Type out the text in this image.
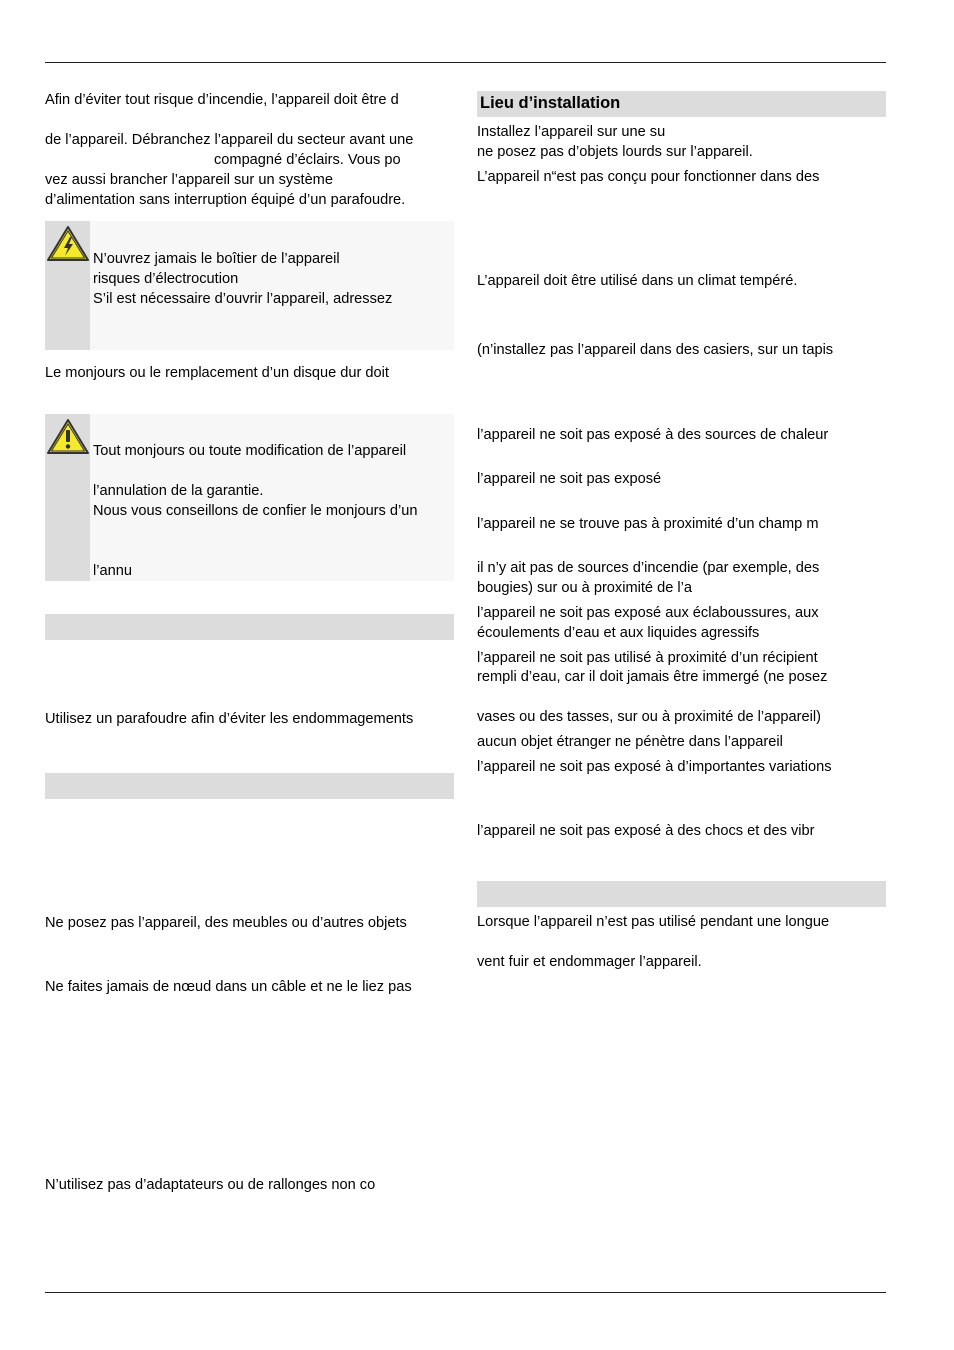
Afin d’éviter tout risque d’incendie, l’appareil doit être d
de l’appareil. Débranchez l’appareil du secteur avant une
compagné d’éclairs. Vous po
vez aussi brancher l’appareil sur un système
d’alimentation sans interruption équipé d’un parafoudre.
N’ouvrez jamais le boîtier de l’appareil
risques d’électrocution
S’il est nécessaire d’ouvrir l’appareil, adressez
Le monjours ou le remplacement d’un disque dur doit
Tout monjours ou toute modification de l’appareil
l’annulation de la garantie.
Nous vous conseillons de confier le monjours d’un
l’annu
Utilisez un parafoudre afin d’éviter les endommagements
Ne posez pas l’appareil, des meubles ou d’autres objets
Ne faites jamais de nœud dans un câble et ne le liez pas
N’utilisez pas d’adaptateurs ou de rallonges non co
Lieu d’installation
Installez l’appareil sur une su
ne posez pas d’objets lourds sur l’appareil.
L’appareil n“est pas conçu pour fonctionner dans des
L’appareil doit être utilisé dans un climat tempéré.
(n’installez pas l’appareil dans des casiers, sur un tapis
l’appareil ne soit pas exposé à des sources de chaleur
l’appareil ne soit pas exposé
l’appareil ne se trouve pas à proximité d’un champ m
il n’y ait pas de sources d’incendie (par exemple, des
bougies) sur ou à proximité de l’a
l’appareil ne soit pas exposé aux éclaboussures, aux
écoulements d’eau et aux liquides agressifs
l’appareil ne soit pas utilisé à proximité d’un récipient
rempli d’eau, car il doit jamais être immergé (ne posez
vases ou des tasses, sur ou à proximité de l’appareil)
aucun objet étranger ne pénètre dans l’appareil
l’appareil ne soit pas exposé à d’importantes variations
l’appareil ne soit pas exposé à des chocs et des vibr
Lorsque l’appareil n’est pas utilisé pendant une longue
vent fuir et endommager l’appareil.
